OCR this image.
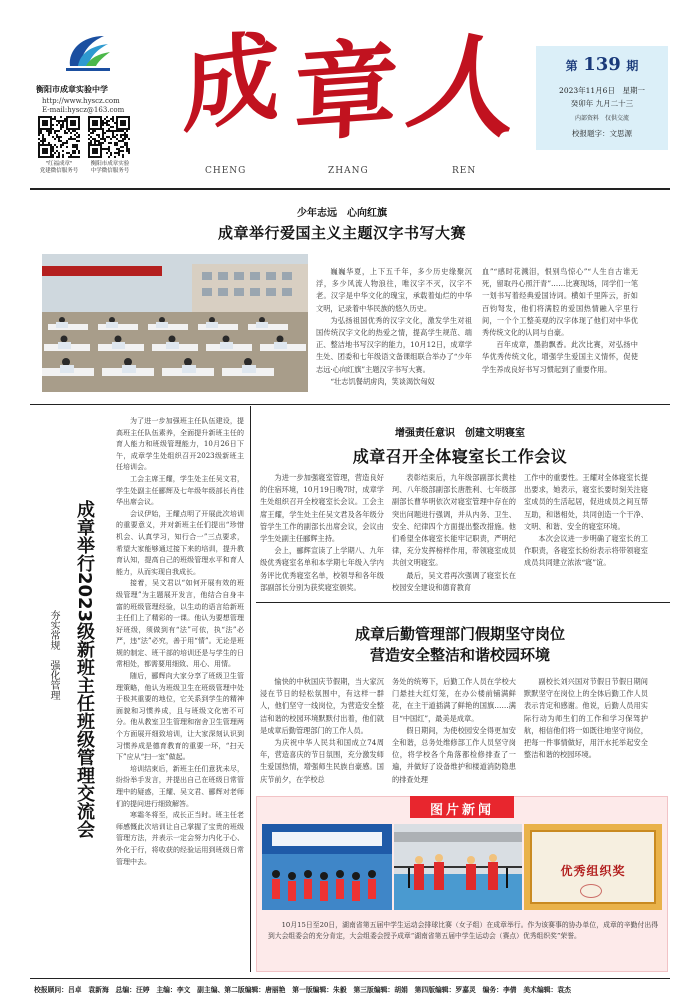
衡阳市成章实验中学
http://www.hyscz.com
E-mail:hyscz@163.com
"红福成章"
党建微信服务号
衡阳市成章实验
中学微信服务号
成 章 人
CHENG	ZHANG	REN
第 139 期
2023年11月6日　星期一
癸卯年 九月二十三
内部资料　仅供交流
校报题字：文思源
少年志远　心向红旗
成章举行爱国主义主题汉字书写大赛

巍巍华夏，上下五千年，多少历史缘聚沉浮，多少风流人物浪往，唯汉字不灭，汉字不老。汉字是中华文化的瑰宝，承载着灿烂的中华文明，记录着中华民族的悠久历史。

为弘扬祖国优秀的汉字文化，激发学生对祖国传统汉字文化的热爱之情，提高学生规范、端正、整洁地书写汉字的能力，10月12日，成章学生处、团委和七年级语文备课组联合举办了“少年志远·心向红旗”主题汉字书写大赛。

“壮志饥餐胡虏肉，笑谈渴饮匈奴

血”“感时花溅泪，恨别鸟惊心”“人生自古谁无死，留取丹心照汗青”……比赛现场，同学们一笔一划书写着经典爱国诗词。横如千里阵云，折如百钧弩发，他们将满腔的爱国热情融入字里行间，一个个工整美观的汉字体现了他们对中华优秀传统文化的认同与自豪。

百年成章，墨韵飘香。此次比赛，对弘扬中华优秀传统文化，增强学生爱国主义情怀，促使学生养成良好书写习惯起到了重要作用。

成章举行2023级新班主任班级管理交流会
夯实常规　强化管理

为了进一步加强班主任队伍建设，提高班主任队伍素养，全面提升新班主任的育人能力和班级管理能力，10月26日下午，成章学生处组织召开2023级新班主任培训会。

工会主席王耀，学生处主任吴文君，学生处副主任郦辉及七年级年级部长肖佳华出席会议。

会议伊始，王耀点明了开展此次培训的重要意义，并对新班主任们提出“珍惜机会、认真学习，知行合一”三点要求，希望大家能够通过接下来的培训，提升教育认知，提高自己的班级管理水平和育人能力，从而实现自我成长。

接着，吴文君以“如何开展有效的班级管理”为主题展开发言，他结合自身丰富的班级管理经验，以生动的语言给新班主任们上了精彩的一课。他认为要想管理好班级，须做到有“法”可依，执“法”必严，违“法”必究，善于用“情”。无论是班规的制定、班干部的培训还是与学生的日常相处，都需要用细致、用心、用情。

随后，郦辉向大家分享了班级卫生管理策略，他认为班级卫生在班级管理中处于极其重要的地位，它关系到学生的精神面貌和习惯养成，且与班级文化密不可分。他从教室卫生管理和宿舍卫生管理两个方面展开细致培训，让大家深刻认识到习惯养成是德育教育的重要一环，“扫天下”应从“扫一室”做起。

培训结束后，新班主任们意犹未尽，纷纷举手发言，并提出自己在班级日常管理中的疑惑，王耀、吴文君、郦辉对老师们的提问进行细致解答。

寒霜冬将至，成长正当时。班主任老师感慨此次培训让自己掌握了宝贵的班级管理方法，并表示一定会努力内化于心、外化于行，将收获的经验运用到班级日常管理中去。

增强责任意识　创建文明寝室
成章召开全体寝室长工作会议

为进一步加强寝室管理，营造良好的住宿环境，10月19日晚7时，成章学生处组织召开全校寝室长会议。工会主席王耀，学生处主任吴文君及各年级分管学生工作的副部长出席会议，会议由学生处副主任郦辉主持。

会上，郦辉宣读了上学期八、九年级优秀寝室名单和本学期七年级入学内务评比优秀寝室名单，校领导和各年级部副部长分别为获奖寝室颁奖。

表彰结束后，九年级部副部长黄桂珂、八年级部副部长唐胜利、七年级部副部长曹华明依次对寝室管理中存在的突出问题进行强调，并从内务、卫生、安全、纪律四个方面提出整改措施。他们希望全体寝室长能牢记职责，严明纪律，充分发挥榜样作用，带领寝室成员共创文明寝室。

最后，吴文君再次强调了寝室长在校园安全建设和德育教育

工作中的重要性。王耀对全体寝室长提出要求，她表示，寝室长要时刻关注寝室成员的生活起居，促进成员之间互帮互助，和谐相处，共同创造一个干净、文明、和谐、安全的寝室环境。

本次会议进一步明确了寝室长的工作职责，各寝室长纷纷表示将带领寝室成员共同建立浓浓“寝”谊。

成章后勤管理部门假期坚守岗位
营造安全整洁和谐校园环境

愉快的中秋国庆节假期，当大家沉浸在节日的轻松氛围中，有这样一群人，他们坚守一线岗位，为营造安全整洁和谐的校园环境默默付出着，他们就是成章后勤管理部门的工作人员。

为庆祝中华人民共和国成立74周年，营造喜庆的节日氛围，充分激发师生爱国热情，增强师生民族自豪感。国庆节前夕，在学校总

务处的统筹下，后勤工作人员在学校大门悬挂大红灯笼，在办公楼前铺满鲜花，在主干道插满了鲜艳的国旗……满目“中国红”，最美是成章。

假日期间，为使校园安全得更加安全和谐，总务处维修部工作人员坚守岗位，将学校各个角落都检修排查了一遍，并做好了设备维护和楼道消防隐患的排查处理

副校长刘兴国对节假日节假日期间默默坚守在岗位上的全体后勤工作人员表示肯定和感谢。他说，后勤人员用实际行动为师生们的工作和学习保驾护航，相信他们将一如既往地坚守岗位，把每一件事情做好，用汗水托举起安全整洁和谐的校园环境。

图片新闻
优秀组织奖
10月15日至20日，湖南省第五届中学生运动会排球比赛（女子组）在成章举行。作为该赛事的协办单位，成章的辛勤付出得到大会组委会的充分肯定，大会组委会授予成章“湖南省第五届中学生运动会（赛点）优秀组织奖”荣誉。
校报顾问：吕卓　袁新海　总编：汪婷　主编：李文　副主编、第二版编辑：唐丽艳　第一版编辑：朱毅　第三版编辑：胡娟　第四版编辑：罗嘉灵　编务：李倩　美术编辑：袁杰
